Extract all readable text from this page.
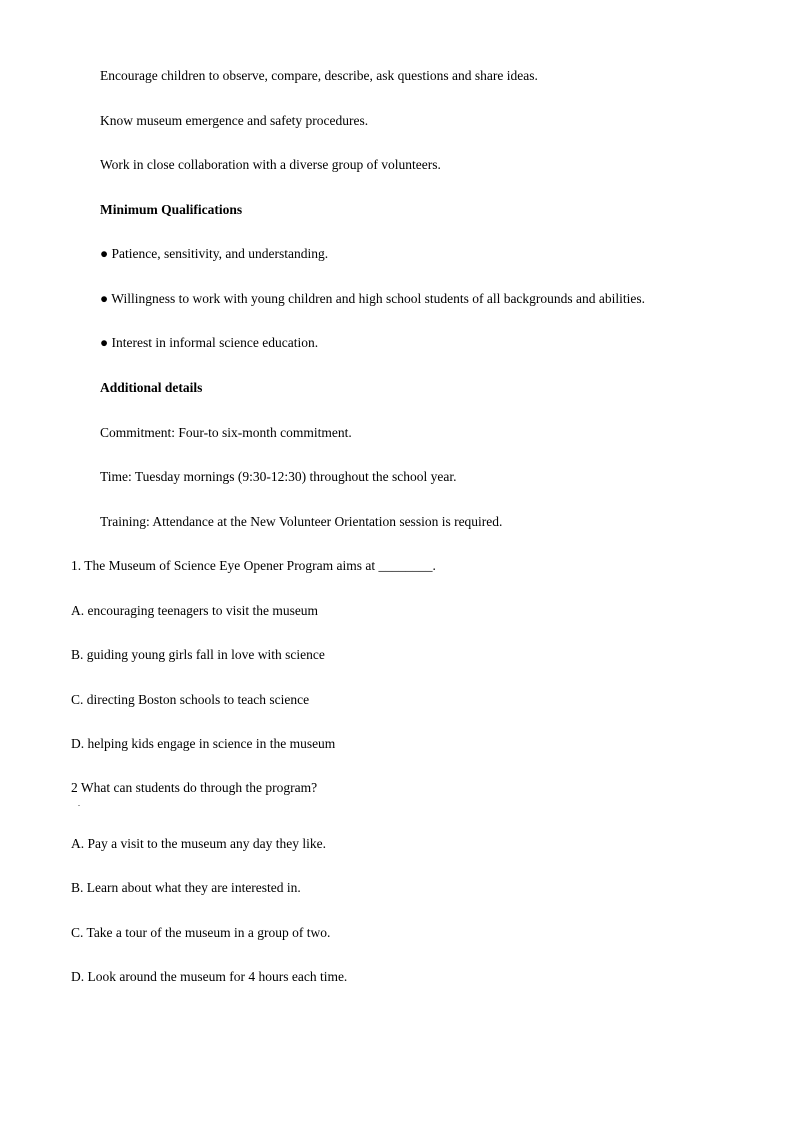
Encourage children to observe, compare, describe, ask questions and share ideas.
Know museum emergence and safety procedures.
Work in close collaboration with a diverse group of volunteers.
Minimum Qualifications
● Patience, sensitivity, and understanding.
● Willingness to work with young children and high school students of all backgrounds and abilities.
● Interest in informal science education.
Additional details
Commitment: Four-to six-month commitment.
Time: Tuesday mornings (9:30-12:30) throughout the school year.
Training: Attendance at the New Volunteer Orientation session is required.
1. The Museum of Science Eye Opener Program aims at ________.
A. encouraging teenagers to visit the museum
B. guiding young girls fall in love with science
C. directing Boston schools to teach science
D. helping kids engage in science in the museum
2 What can students do through the program?
.
A. Pay a visit to the museum any day they like.
B. Learn about what they are interested in.
C. Take a tour of the museum in a group of two.
D. Look around the museum for 4 hours each time.
